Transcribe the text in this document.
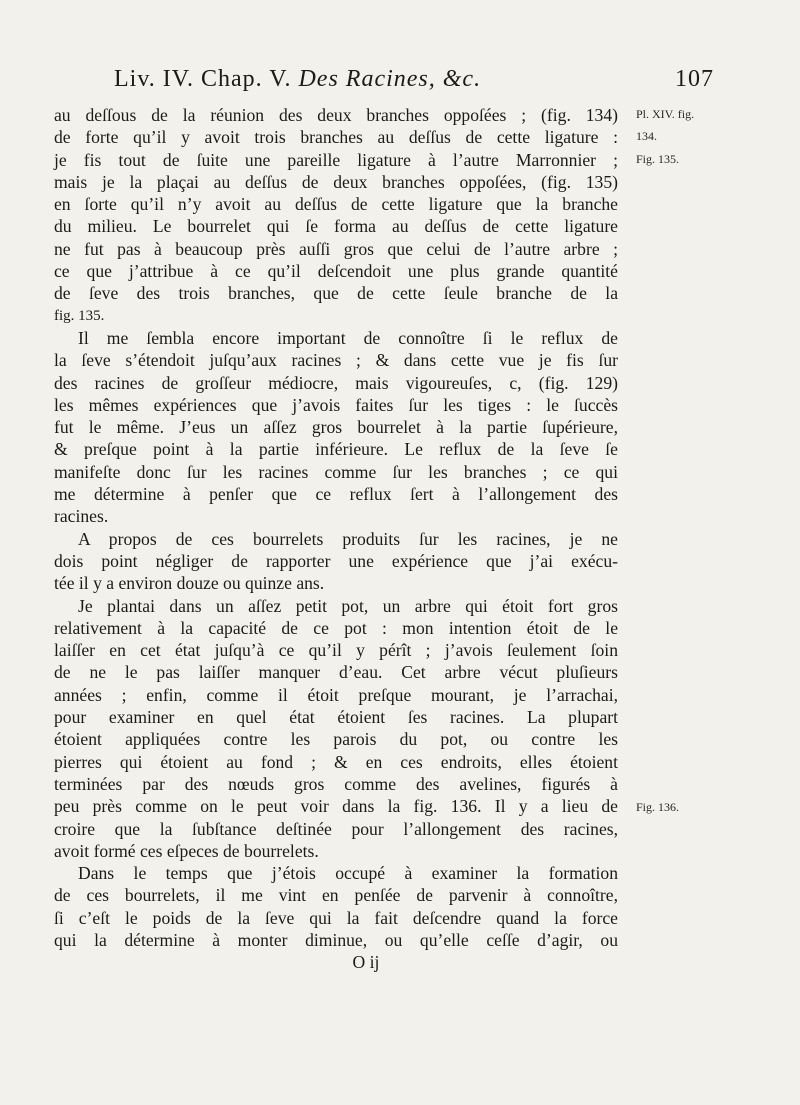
Liv. IV. Chap. V. Des Racines, &c.	107
au deſſous de la réunion des deux branches oppoſées ; (fig. 134)
de forte qu’il y avoit trois branches au deſſus de cette ligature :
je fis tout de ſuite une pareille ligature à l’autre Marronnier ;
mais je la plaçai au deſſus de deux branches oppoſées, (fig. 135)
en ſorte qu’il n’y avoit au deſſus de cette ligature que la branche
du milieu. Le bourrelet qui ſe forma au deſſus de cette ligature
ne fut pas à beaucoup près auſſi gros que celui de l’autre arbre ;
ce que j’attribue à ce qu’il deſcendoit une plus grande quantité
de ſeve des trois branches, que de cette ſeule branche de la
fig. 135.
Il me ſembla encore important de connoître ſi le reflux de
la ſeve s’étendoit juſqu’aux racines ; & dans cette vue je fis ſur
des racines de groſſeur médiocre, mais vigoureuſes, c, (fig. 129)
les mêmes expériences que j’avois faites ſur les tiges : le ſuccès
fut le même. J’eus un aſſez gros bourrelet à la partie ſupérieure,
& preſque point à la partie inférieure. Le reflux de la ſeve ſe
manifeſte donc ſur les racines comme ſur les branches ; ce qui
me détermine à penſer que ce reflux ſert à l’allongement des
racines.
A propos de ces bourrelets produits ſur les racines, je ne
dois point négliger de rapporter une expérience que j’ai exécu-
tée il y a environ douze ou quinze ans.
Je plantai dans un aſſez petit pot, un arbre qui étoit fort gros
relativement à la capacité de ce pot : mon intention étoit de le
laiſſer en cet état juſqu’à ce qu’il y pérît ; j’avois ſeulement ſoin
de ne le pas laiſſer manquer d’eau. Cet arbre vécut pluſieurs
années ; enfin, comme il étoit preſque mourant, je l’arrachai,
pour examiner en quel état étoient ſes racines. La plupart
étoient appliquées contre les parois du pot, ou contre les
pierres qui étoient au fond ; & en ces endroits, elles étoient
terminées par des nœuds gros comme des avelines, figurés à
peu près comme on le peut voir dans la fig. 136. Il y a lieu de
croire que la ſubſtance deſtinée pour l’allongement des racines,
avoit formé ces eſpeces de bourrelets.
Dans le temps que j’étois occupé à examiner la formation
de ces bourrelets, il me vint en penſée de parvenir à connoître,
ſi c’eſt le poids de la ſeve qui la fait deſcendre quand la force
qui la détermine à monter diminue, ou qu’elle ceſſe d’agir, ou
O ij
Pl. XIV. fig.
134.
Fig. 135.
Fig. 136.
